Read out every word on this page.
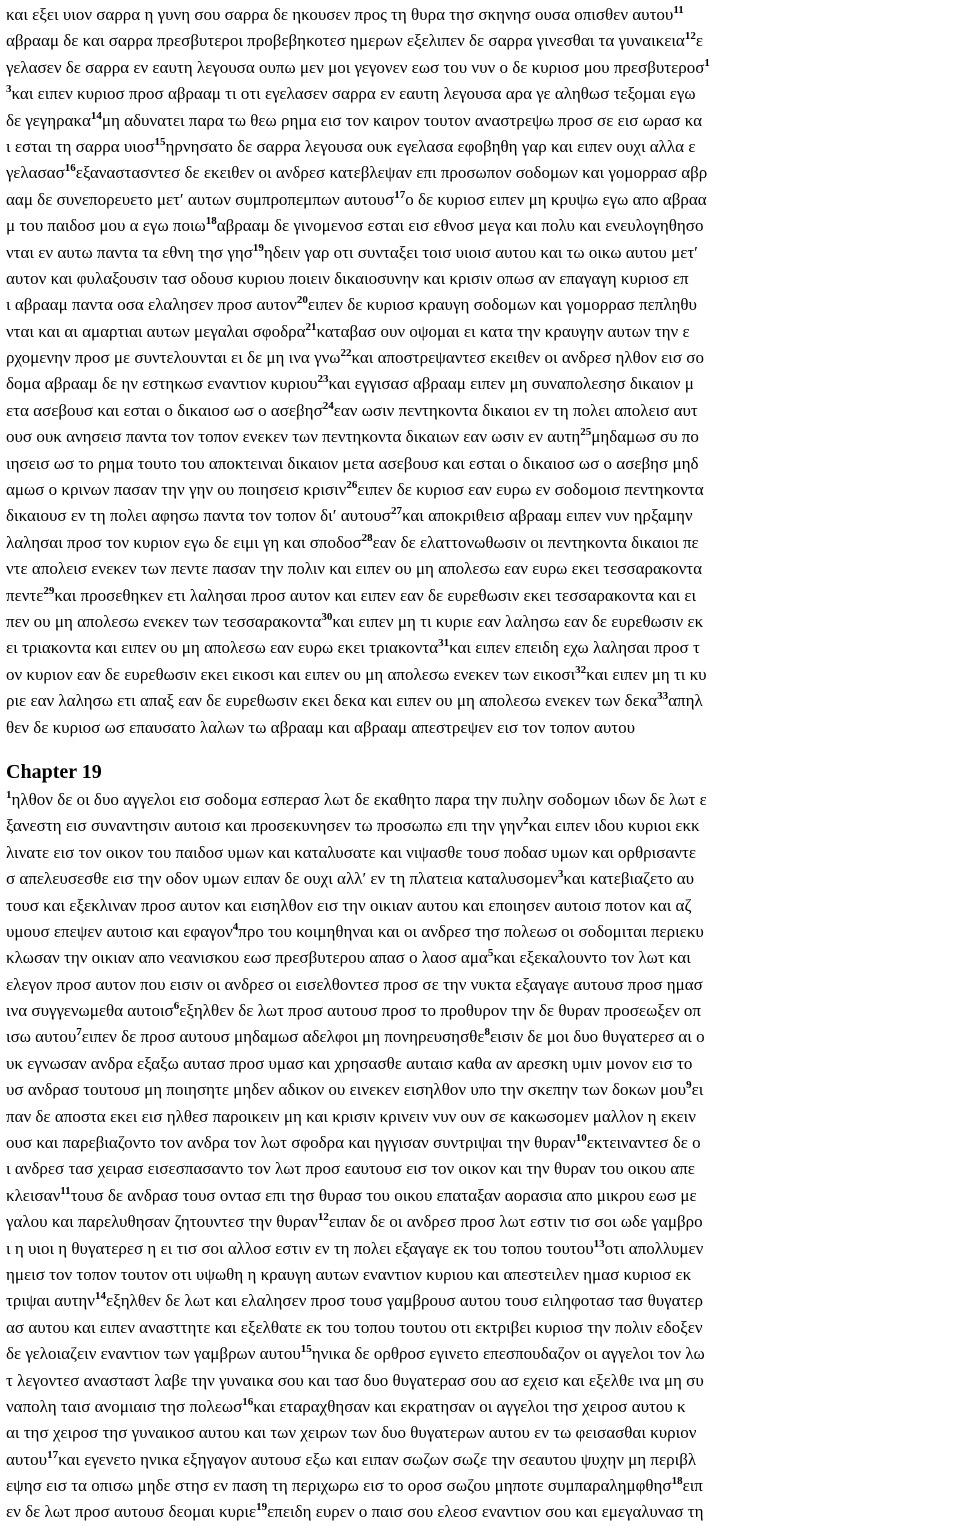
και εξει υιον σαρρα η γυνη σου σαρρα δε ηκουσεν προς τη θυρα τησ σκηνησ ουσα οπισθεν αυτου$^{11}$
αβρααμ δε και σαρρα πρεσβυτεροι προβεβηκοτεσ ημερων εξελιπεν δε σαρρα γινεσθαι τα γυναικεια$^{12}$ε
γελασεν δε σαρρα εν εαυτη λεγουσα ουπω μεν μοι γεγονεν εωσ του νυν ο δε κυριοσ μου πρεσβυτεροσ$^1$
$^3$και ειπεν κυριοσ προσ αβρααμ τι οτι εγελασεν σαρρα εν εαυτη λεγουσα αρα γε αληθωσ τεξομαι εγω
δε γεγηρακα$^{14}$μη αδυνατει παρα τω θεω ρημα εισ τον καιρον τουτον αναστρεψω προσ σε εισ ωρασ κα
ι εσται τη σαρρα υιοσ$^{15}$ηρνησατο δε σαρρα λεγουσα ουκ εγελασα εφοβηθη γαρ και ειπεν ουχι αλλα ε
γελασασ$^{16}$εξαναστασντεσ δε εκειθεν οι ανδρεσ κατεβλεψαν επι προσωπον σοδομων και γομορρασ αβρ
ααμ δε συνεπορευετο μετ′ αυτων συμπροπεμπων αυτουσ$^{17}$ο δε κυριοσ ειπεν μη κρυψω εγω απο αβραα
μ του παιδοσ μου α εγω ποιω$^{18}$αβρααμ δε γινομενοσ εσται εισ εθνοσ μεγα και πολυ και ενευλογηθησο
νται εν αυτω παντα τα εθνη τησ γησ$^{19}$ηδειν γαρ οτι συνταξει τοισ υιοισ αυτου και τω οικω αυτου μετ′
αυτον και φυλαξουσιν τασ οδουσ κυριου ποιειν δικαιοσυνην και κρισιν οπωσ αν επαγαγη κυριοσ επ
ι αβρααμ παντα οσα ελαλησεν προσ αυτον$^{20}$ειπεν δε κυριοσ κραυγη σοδομων και γομορρασ πεπληθυ
νται και αι αμαρτιαι αυτων μεγαλαι σφοδρα$^{21}$καταβασ ουν οψομαι ει κατα την κραυγην αυτων την ε
ρχομενην προσ με συντελουνται ει δε μη ινα γνω$^{22}$και αποστρεψαντεσ εκειθεν οι ανδρεσ ηλθον εισ σο
δομα αβρααμ δε ην εστηκωσ εναντιον κυριου$^{23}$και εγγισασ αβρααμ ειπεν μη συναπολεσησ δικαιον μ
ετα ασεβουσ και εσται ο δικαιοσ ωσ ο ασεβησ$^{24}$εαν ωσιν πεντηκοντα δικαιοι εν τη πολει απολεισ αυτ
ουσ ουκ ανησεισ παντα τον τοπον ενεκεν των πεντηκοντα δικαιων εαν ωσιν εν αυτη$^{25}$μηδαμωσ συ πο
ιησεισ ωσ το ρημα τουτο του αποκτειναι δικαιον μετα ασεβουσ και εσται ο δικαιοσ ωσ ο ασεβησ μηδ
αμωσ ο κρινων πασαν την γην ου ποιησεισ κρισιν$^{26}$ειπεν δε κυριοσ εαν ευρω εν σοδομοισ πεντηκοντα
δικαιουσ εν τη πολει αφησω παντα τον τοπον δι′ αυτουσ$^{27}$και αποκριθεισ αβρααμ ειπεν νυν ηρξαμην
λαλησαι προσ τον κυριον εγω δε ειμι γη και σποδοσ$^{28}$εαν δε ελαττονωθωσιν οι πεντηκοντα δικαιοι πε
ντε απολεισ ενεκεν των πεντε πασαν την πολιν και ειπεν ου μη απολεσω εαν ευρω εκει τεσσαρακοντα
πεντε$^{29}$και προσεθηκεν ετι λαλησαι προσ αυτον και ειπεν εαν δε ευρεθωσιν εκει τεσσαρακοντα και ει
πεν ου μη απολεσω ενεκεν των τεσσαρακοντα$^{30}$και ειπεν μη τι κυριε εαν λαλησω εαν δε ευρεθωσιν εκ
ει τριακοντα και ειπεν ου μη απολεσω εαν ευρω εκει τριακοντα$^{31}$και ειπεν επειδη εχω λαλησαι προσ τ
ον κυριον εαν δε ευρεθωσιν εκει εικοσι και ειπεν ου μη απολεσω ενεκεν των εικοσι$^{32}$και ειπεν μη τι κυ
ριε εαν λαλησω ετι απαξ εαν δε ευρεθωσιν εκει δεκα και ειπεν ου μη απολεσω ενεκεν των δεκα$^{33}$απηλ
θεν δε κυριοσ ωσ επαυσατο λαλων τω αβρααμ και αβρααμ απεστρεψεν εισ τον τοπον αυτου
Chapter 19
$^1$ηλθον δε οι δυο αγγελοι εισ σοδομα εσπερασ λωτ δε εκαθητο παρα την πυλην σοδομων ιδων δε λωτ ε
ξανεστη εισ συναντησιν αυτοισ και προσεκυνησεν τω προσωπω επι την γην$^2$και ειπεν ιδου κυριοι εκκ
λινατε εισ τον οικον του παιδοσ υμων και καταλυσατε και νιψασθε τουσ ποδασ υμων και ορθρισαντε
σ απελευσεσθε εισ την οδον υμων ειπαν δε ουχι αλλ′ εν τη πλατεια καταλυσομεν$^3$και κατεβιαζετο αυ
τουσ και εξεκλιναν προσ αυτον και εισηλθον εισ την οικιαν αυτου και εποιησεν αυτοισ ποτον και αζ
υμουσ επεψεν αυτοισ και εφαγον$^4$προ του κοιμηθηναι και οι ανδρεσ τησ πολεωσ οι σοδομιται περιεκυ
κλωσαν την οικιαν απο νεανισκου εωσ πρεσβυτερου απασ ο λαοσ αμα$^5$και εξεκαλουντο τον λωτ και
ελεγον προσ αυτον που εισιν οι ανδρεσ οι εισελθοντεσ προσ σε την νυκτα εξαγαγε αυτουσ προσ ημασ
ινα συγγενωμεθα αυτοισ$^6$εξηλθεν δε λωτ προσ αυτουσ προσ το προθυρον την δε θυραν προσεωξεν οπ
ισω αυτου$^7$ειπεν δε προσ αυτουσ μηδαμωσ αδελφοι μη πονηρευσησθε$^8$εισιν δε μοι δυο θυγατερεσ αι ο
υκ εγνωσαν ανδρα εξαξω αυτασ προσ υμασ και χρησασθε αυταισ καθα αν αρεσκη υμιν μονον εισ το
υσ ανδρασ τουτουσ μη ποιησητε μηδεν αδικον ου εινεκεν εισηλθον υπο την σκεπην των δοκων μου$^9$ει
παν δε αποστα εκει εισ ηλθεσ παροικειν μη και κρισιν κρινειν νυν ουν σε κακωσομεν μαλλον η εκειν
ουσ και παρεβιαζοντο τον ανδρα τον λωτ σφοδρα και ηγγισαν συντριψαι την θυραν$^{10}$εκτειναντεσ δε ο
ι ανδρεσ τασ χειρασ εισεσπασαντο τον λωτ προσ εαυτουσ εισ τον οικον και την θυραν του οικου απε
κλεισαν$^{11}$τουσ δε ανδρασ τουσ οντασ επι τησ θυρασ του οικου επαταξαν αορασια απο μικρου εωσ με
γαλου και παρελυθησαν ζητουντεσ την θυραν$^{12}$ειπαν δε οι ανδρεσ προσ λωτ εστιν τισ σοι ωδε γαμβρο
ι η υιοι η θυγατερεσ η ει τισ σοι αλλοσ εστιν εν τη πολει εξαγαγε εκ του τοπου τουτου$^{13}$οτι απολλυμεν
ημεισ τον τοπον τουτον οτι υψωθη η κραυγη αυτων εναντιον κυριου και απεστειλεν ημασ κυριοσ εκ
τριψαι αυτην$^{14}$εξηλθεν δε λωτ και ελαλησεν προσ τουσ γαμβρουσ αυτου τουσ ειληφοτασ τασ θυγατερ
ασ αυτου και ειπεν ανασττητε και εξελθατε εκ του τοπου τουτου οτι εκτριβει κυριοσ την πολιν εδοξεν
δε γελοιαζειν εναντιον των γαμβρων αυτου$^{15}$ηνικα δε ορθροσ εγινετο επεσπουδαζον οι αγγελοι τον λω
τ λεγοντεσ ανασταστ λαβε την γυναικα σου και τασ δυο θυγατερασ σου ασ εχεισ και εξελθε ινα μη συ
ναπολη ταισ ανομιαισ τησ πολεωσ$^{16}$και εταραχθησαν και εκρατησαν οι αγγελοι τησ χειροσ αυτου κ
αι τησ χειροσ τησ γυναικοσ αυτου και των χειρων των δυο θυγατερων αυτου εν τω φεισασθαι κυριον
αυτου$^{17}$και εγενετο ηνικα εξηγαγον αυτουσ εξω και ειπαν σωζων σωζε την σεαυτου ψυχην μη περιβλ
εψησ εισ τα οπισω μηδε στησ εν παση τη περιχωρω εισ το οροσ σωζου μηποτε συμπαραλημφθησ$^{18}$ειπ
εν δε λωτ προσ αυτουσ δεομαι κυριε$^{19}$επειδη ευρεν ο παισ σου ελεοσ εναντιον σου και εμεγαλυνασ τη
